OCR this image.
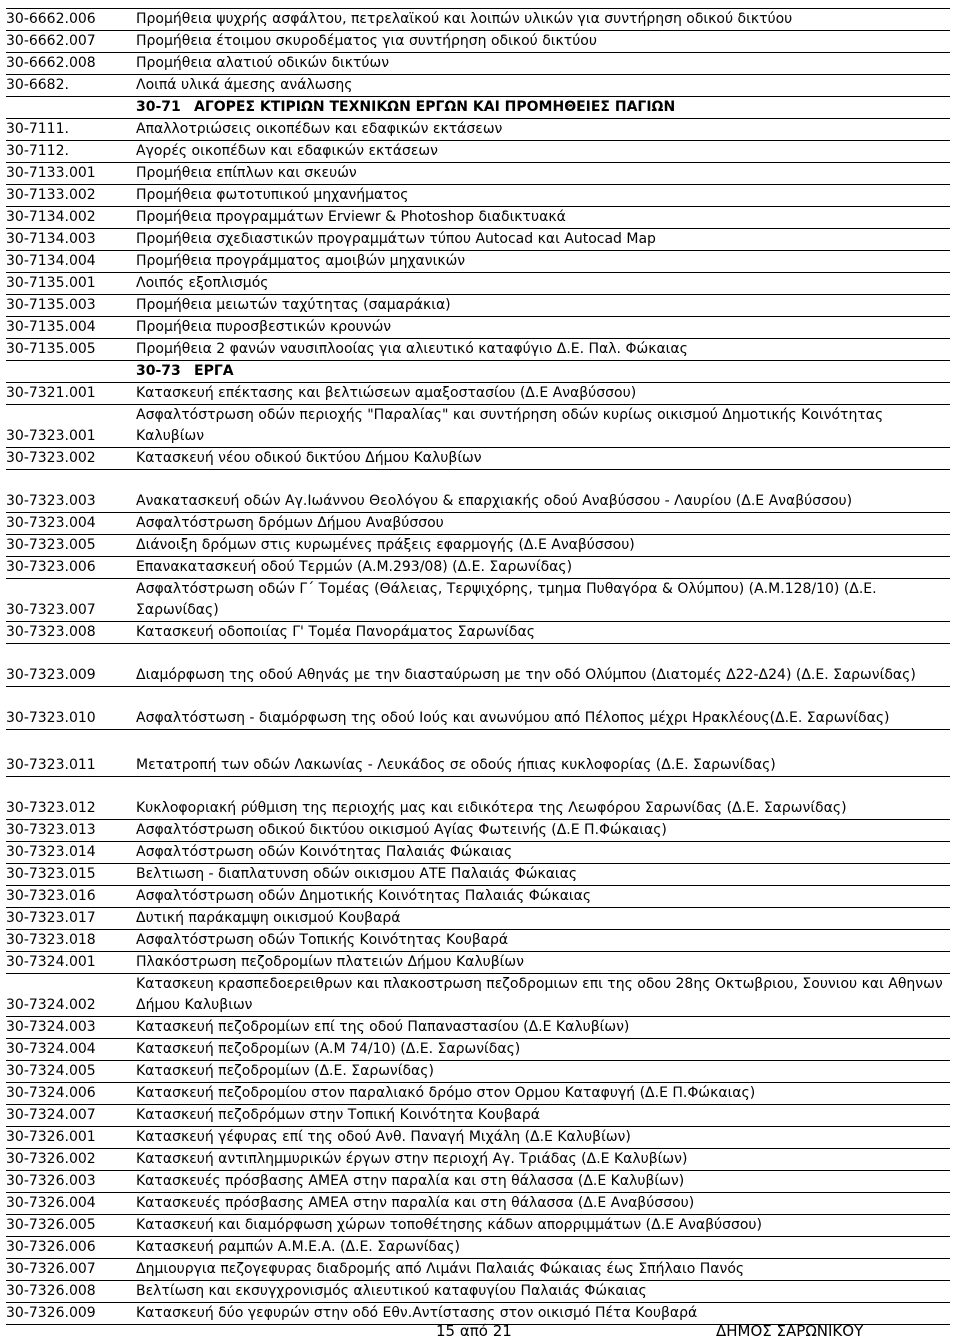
30-6662.006	Προμήθεια ψυχρής ασφάλτου, πετρελαϊκού και λοιπών υλικών για συντήρηση οδικού δικτύου
30-6662.007	Προμήθεια έτοιμου σκυροδέματος για συντήρηση οδικού δικτύου
30-6662.008	Προμήθεια αλατιού οδικών δικτύων
30-6682.	Λοιπά υλικά άμεσης ανάλωσης
	30-71 ΑΓΟΡΕΣ ΚΤΙΡΙΩΝ ΤΕΧΝΙΚΩΝ ΕΡΓΩΝ ΚΑΙ ΠΡΟΜΗΘΕΙΕΣ ΠΑΓΙΩΝ
30-7111.	Απαλλοτριώσεις οικοπέδων και εδαφικών εκτάσεων
30-7112.	Αγορές οικοπέδων και εδαφικών εκτάσεων
30-7133.001	Προμήθεια επίπλων και σκευών
30-7133.002	Προμήθεια φωτοτυπικού μηχανήματος
30-7134.002	Προμήθεια προγραμμάτων Erviewr & Photoshop διαδικτυακά
30-7134.003	Προμήθεια σχεδιαστικών προγραμμάτων τύπου Autocad και Autocad Map
30-7134.004	Προμήθεια προγράμματος αμοιβών μηχανικών
30-7135.001	Λοιπός εξοπλισμός
30-7135.003	Προμήθεια μειωτών ταχύτητας (σαμαράκια)
30-7135.004	Προμήθεια πυροσβεστικών κρουνών
30-7135.005	Προμήθεια 2 φανών ναυσιπλοοίας για αλιευτικό καταφύγιο Δ.Ε. Παλ. Φώκαιας
	30-73 ΕΡΓΑ
30-7321.001	Κατασκευή επέκτασης και βελτιώσεων αμαξοστασίου (Δ.Ε Αναβύσσου)
30-7323.001	Ασφαλτόστρωση οδών περιοχής "Παραλίας" και συντήρηση οδών κυρίως οικισμού Δημοτικής Κοινότητας Καλυβίων
30-7323.002	Κατασκευή νέου οδικού δικτύου Δήμου Καλυβίων
30-7323.003	Ανακατασκευή οδών Αγ.Ιωάννου Θεολόγου & επαρχιακής οδού Αναβύσσου - Λαυρίου (Δ.Ε Αναβύσσου)
30-7323.004	Ασφαλτόστρωση δρόμων Δήμου Αναβύσσου
30-7323.005	Διάνοιξη δρόμων στις κυρωμένες πράξεις εφαρμογής (Δ.Ε Αναβύσσου)
30-7323.006	Επανακατασκευή οδού Τερμών (Α.Μ.293/08) (Δ.Ε. Σαρωνίδας)
30-7323.007	Ασφαλτόστρωση οδών Γ΄ Τομέας (Θάλειας, Τερψιχόρης, τμημα Πυθαγόρα & Ολύμπου) (Α.Μ.128/10) (Δ.Ε. Σαρωνίδας)
30-7323.008	Κατασκευή οδοποιίας Γ' Τομέα Πανοράματος Σαρωνίδας
30-7323.009	Διαμόρφωση της οδού Αθηνάς με την διασταύρωση με την οδό Ολύμπου (Διατομές Δ22-Δ24) (Δ.Ε. Σαρωνίδας)
30-7323.010	Ασφαλτόστωση - διαμόρφωση της οδού Ιούς και ανωνύμου από Πέλοπος μέχρι Ηρακλέους(Δ.Ε. Σαρωνίδας)
30-7323.011	Μετατροπή των οδών Λακωνίας - Λευκάδος σε οδούς ήπιας κυκλοφορίας (Δ.Ε. Σαρωνίδας)
30-7323.012	Κυκλοφοριακή ρύθμιση της περιοχής μας και ειδικότερα της Λεωφόρου Σαρωνίδας (Δ.Ε. Σαρωνίδας)
30-7323.013	Ασφαλτόστρωση οδικού δικτύου οικισμού Αγίας Φωτεινής (Δ.Ε Π.Φώκαιας)
30-7323.014	Ασφαλτόστρωση οδών Κοινότητας Παλαιάς Φώκαιας
30-7323.015	Βελτιωση - διαπλατυνση οδών οικισμου ΑΤΕ Παλαιάς Φώκαιας
30-7323.016	Ασφαλτόστρωση οδών Δημοτικής Κοινότητας Παλαιάς Φώκαιας
30-7323.017	Δυτική παράκαμψη οικισμού Κουβαρά
30-7323.018	Ασφαλτόστρωση οδών Τοπικής Κοινότητας Κουβαρά
30-7324.001	Πλακόστρωση πεζοδρομίων πλατειών Δήμου Καλυβίων
30-7324.002	Κατασκευη κρασπεδοερειθρων και πλακοστρωση πεζοδρομιων επι της οδου 28ης Οκτωβριου, Σουνιου και Αθηνων Δήμου Καλυβιων
30-7324.003	Κατασκευή πεζοδρομίων επί της οδού Παπαναστασίου (Δ.Ε Καλυβίων)
30-7324.004	Κατασκευή πεζοδρομίων (Α.Μ 74/10) (Δ.Ε. Σαρωνίδας)
30-7324.005	Κατασκευή πεζοδρομίων (Δ.Ε. Σαρωνίδας)
30-7324.006	Κατασκευή πεζοδρομίου στον παραλιακό δρόμο στον Ορμου Καταφυγή (Δ.Ε Π.Φώκαιας)
30-7324.007	Κατασκευή πεζοδρόμων στην Τοπική Κοινότητα Κουβαρά
30-7326.001	Κατασκευή γέφυρας επί της οδού Ανθ. Παναγή Μιχάλη (Δ.Ε Καλυβίων)
30-7326.002	Κατασκευή αντιπλημμυρικών έργων στην περιοχή Αγ. Τριάδας (Δ.Ε Καλυβίων)
30-7326.003	Κατασκευές πρόσβασης ΑΜΕΑ στην παραλία και στη θάλασσα (Δ.Ε Καλυβίων)
30-7326.004	Κατασκευές πρόσβασης ΑΜΕΑ στην παραλία και στη θάλασσα (Δ.Ε Αναβύσσου)
30-7326.005	Κατασκευή και διαμόρφωση χώρων τοποθέτησης κάδων απορριμμάτων (Δ.Ε Αναβύσσου)
30-7326.006	Κατασκευή ραμπών Α.Μ.Ε.Α. (Δ.Ε. Σαρωνίδας)
30-7326.007	Δημιουργια πεζογεφυρας διαδρομής από Λιμάνι Παλαιάς Φώκαιας έως Σπήλαιο Πανός
30-7326.008	Βελτίωση και εκσυγχρονισμός αλιευτικού καταφυγίου Παλαιάς Φώκαιας
30-7326.009	Κατασκευή δύο γεφυρών στην οδό Εθν.Αντίστασης στον οικισμό Πέτα Κουβαρά
15 από 21	ΔΗΜΟΣ ΣΑΡΩΝΙΚΟΥ
